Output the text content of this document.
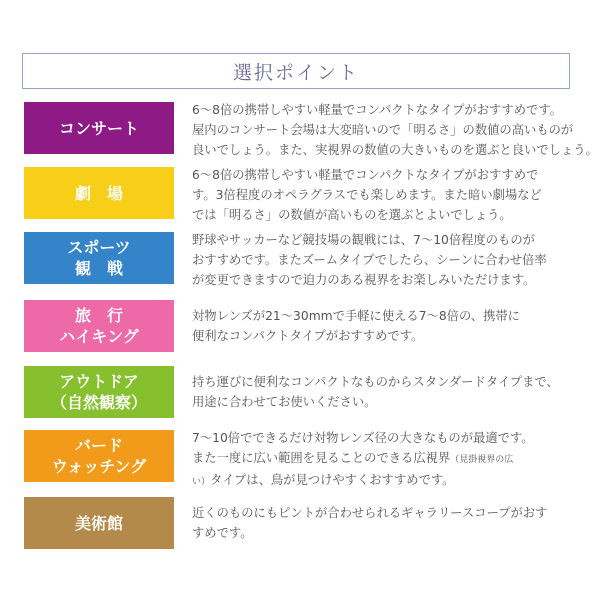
選択ポイント
コンサート
6～8倍の携帯しやすい軽量でコンパクトなタイプがおすすめです。
屋内のコンサート会場は大変暗いので「明るさ」の数値の高いものが
良いでしょう。また、実視界の数値の大きいものを選ぶと良いでしょう。
劇　場
6～8倍の携帯しやすい軽量でコンパクトなタイプがおすすめで
す。3倍程度のオペラグラスでも楽しめます。また暗い劇場など
では「明るさ」の数値が高いものを選ぶとよいでしょう。
スポーツ
観　戦
野球やサッカーなど競技場の観戦には、7～10倍程度のものが
おすすめです。またズームタイプでしたら、シーンに合わせ倍率
が変更できますので迫力のある視界をお楽しみいただけます。
旅　行
ハイキング
対物レンズが21～30mmで手軽に使える7～8倍の、携帯に
便利なコンパクトタイプがおすすめです。
アウトドア
（自然観察）
持ち運びに便利なコンパクトなものからスタンダードタイプまで、
用途に合わせてお使いください。
バード
ウォッチング
7～10倍でできるだけ対物レンズ径の大きなものが最適です。
また一度に広い範囲を見ることのできる広視界（見掛視界の広
い）タイプは、鳥が見つけやすくおすすめです。
美術館
近くのものにもピントが合わせられるギャラリースコープがおす
すめです。
